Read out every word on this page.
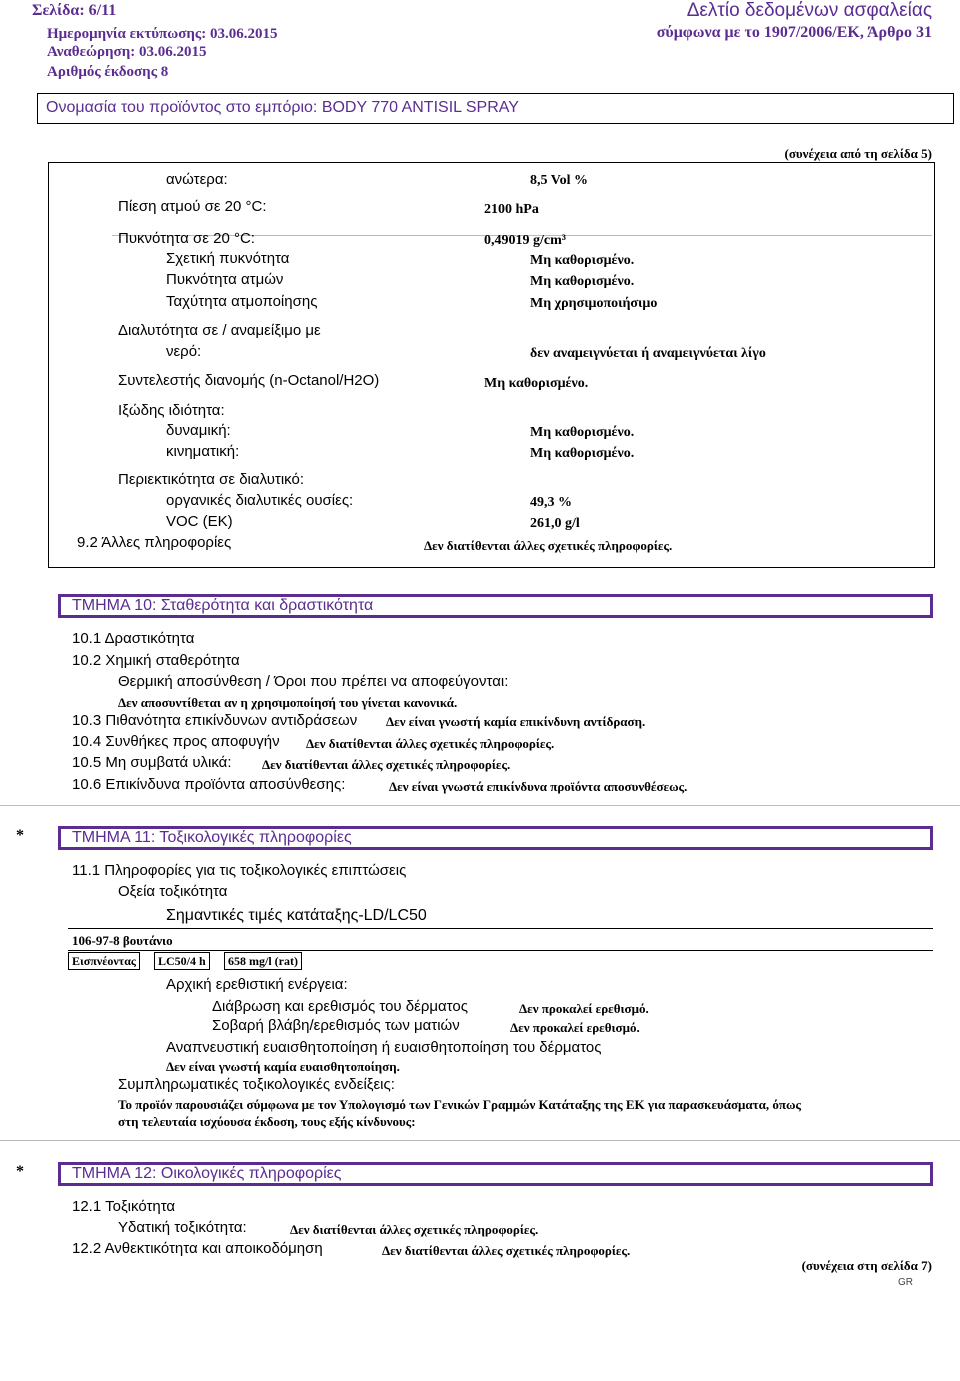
Σελίδα: 6/11
Ημερομηνία εκτύπωσης: 03.06.2015
Αναθεώρηση: 03.06.2015
Αριθμός έκδοσης 8
Δελτίο δεδομένων ασφαλείας
σύμφωνα με το 1907/2006/ΕΚ, Άρθρο 31
Ονομασία του προϊόντος στο εμπόριο: BODY 770 ANTISIL SPRAY
(συνέχεια από τη σελίδα 5)
ανώτερα:	8,5 Vol %
Πίεση ατμού σε 20 °C:	2100 hPa
Πυκνότητα σε 20 °C:	0,49019 g/cm³
Σχετική πυκνότητα	Μη καθορισμένο.
Πυκνότητα ατμών	Μη καθορισμένο.
Ταχύτητα ατμοποίησης	Μη χρησιμοποιήσιμο
Διαλυτότητα σε / αναμείξιμο με
νερό:	δεν αναμειγνύεται ή αναμειγνύεται λίγο
Συντελεστής διανομής (n-Octanol/H2O)	Μη καθορισμένο.
Ιξώδης ιδιότητα:
δυναμική:	Μη καθορισμένο.
κινηματική:	Μη καθορισμένο.
Περιεκτικότητα σε διαλυτικό:
οργανικές διαλυτικές ουσίες:	49,3 %
VOC (EK)	261,0 g/l
9.2 Άλλες πληροφορίες	Δεν διατίθενται άλλες σχετικές πληροφορίες.
ΤΜΗΜΑ 10: Σταθερότητα και δραστικότητα
10.1 Δραστικότητα
10.2 Χημική σταθερότητα
Θερμική αποσύνθεση / Όροι που πρέπει να αποφεύγονται:
Δεν αποσυντίθεται αν η χρησιμοποίησή του γίνεται κανονικά.
10.3 Πιθανότητα επικίνδυνων αντιδράσεων Δεν είναι γνωστή καμία επικίνδυνη αντίδραση.
10.4 Συνθήκες προς αποφυγήν Δεν διατίθενται άλλες σχετικές πληροφορίες.
10.5 Μη συμβατά υλικά: Δεν διατίθενται άλλες σχετικές πληροφορίες.
10.6 Επικίνδυνα προϊόντα αποσύνθεσης:	Δεν είναι γνωστά επικίνδυνα προϊόντα αποσυνθέσεως.
*	ΤΜΗΜΑ 11: Τοξικολογικές πληροφορίες
11.1 Πληροφορίες για τις τοξικολογικές επιπτώσεις
Οξεία τοξικότητα
Σημαντικές τιμές κατάταξης-LD/LC50
106-97-8 βουτάνιο
Εισπνέοντας	LC50/4 h	658 mg/l (rat)
Αρχική ερεθιστική ενέργεια:
Διάβρωση και ερεθισμός του δέρματος	Δεν προκαλεί ερεθισμό.
Σοβαρή βλάβη/ερεθισμός των ματιών	Δεν προκαλεί ερεθισμό.
Αναπνευστική ευαισθητοποίηση ή ευαισθητοποίηση του δέρματος
Δεν είναι γνωστή καμία ευαισθητοποίηση.
Συμπληρωματικές τοξικολογικές ενδείξεις:
Το προϊόν παρουσιάζει σύμφωνα με τον Υπολογισμό των Γενικών Γραμμών Κατάταξης της ΕΚ για παρασκευάσματα, όπως
στη τελευταία ισχύουσα έκδοση, τους εξής κίνδυνους:
*	ΤΜΗΜΑ 12: Οικολογικές πληροφορίες
12.1 Τοξικότητα
Υδατική τοξικότητα:	Δεν διατίθενται άλλες σχετικές πληροφορίες.
12.2 Ανθεκτικότητα και αποικοδόμηση	Δεν διατίθενται άλλες σχετικές πληροφορίες.
(συνέχεια στη σελίδα 7)
GR
